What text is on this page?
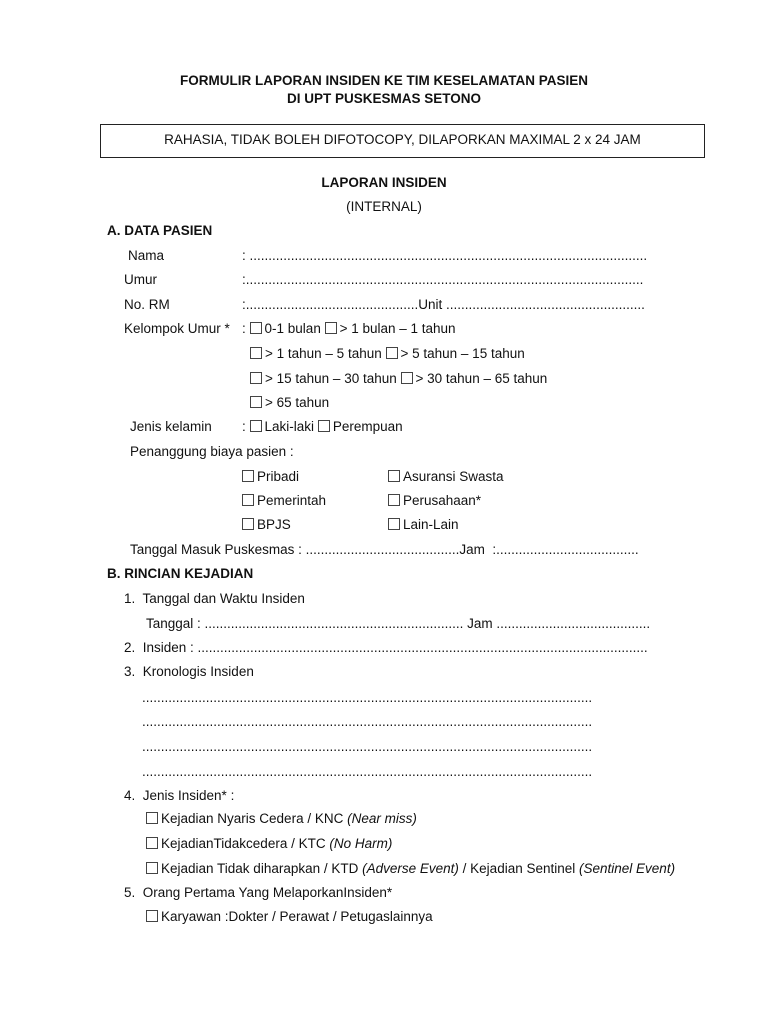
FORMULIR LAPORAN INSIDEN KE TIM KESELAMATAN PASIEN
DI UPT PUSKESMAS SETONO
RAHASIA, TIDAK BOLEH DIFOTOCOPY, DILAPORKAN MAXIMAL 2 x 24 JAM
LAPORAN INSIDEN
(INTERNAL)
A. DATA PASIEN
Nama	: ..........................................................................................................
Umur	:..........................................................................................................
No. RM	:..............................................Unit .....................................................
Kelompok Umur * : 0-1 bulan > 1 bulan – 1 tahun
> 1 tahun – 5 tahun > 5 tahun – 15 tahun
> 15 tahun – 30 tahun > 30 tahun – 65 tahun
> 65 tahun
Jenis kelamin : Laki-laki Perempuan
Penanggung biaya pasien :
Pribadi	Asuransi Swasta
Pemerintah	Perusahaan*
BPJS	Lain-Lain
Tanggal Masuk Puskesmas : .........................................Jam  :......................................
B. RINCIAN KEJADIAN
1.  Tanggal dan Waktu Insiden
Tanggal : ..................................................................... Jam .........................................
2.  Insiden : ........................................................................................................................
3.  Kronologis Insiden
........................................................................................................................
........................................................................................................................
........................................................................................................................
........................................................................................................................
4.  Jenis Insiden* :
Kejadian Nyaris Cedera / KNC (Near miss)
KejadianTidakcedera / KTC (No Harm)
Kejadian Tidak diharapkan / KTD (Adverse Event) / Kejadian Sentinel (Sentinel Event)
5.  Orang Pertama Yang MelaporkanInsiden*
Karyawan :Dokter / Perawat / Petugaslainnya
